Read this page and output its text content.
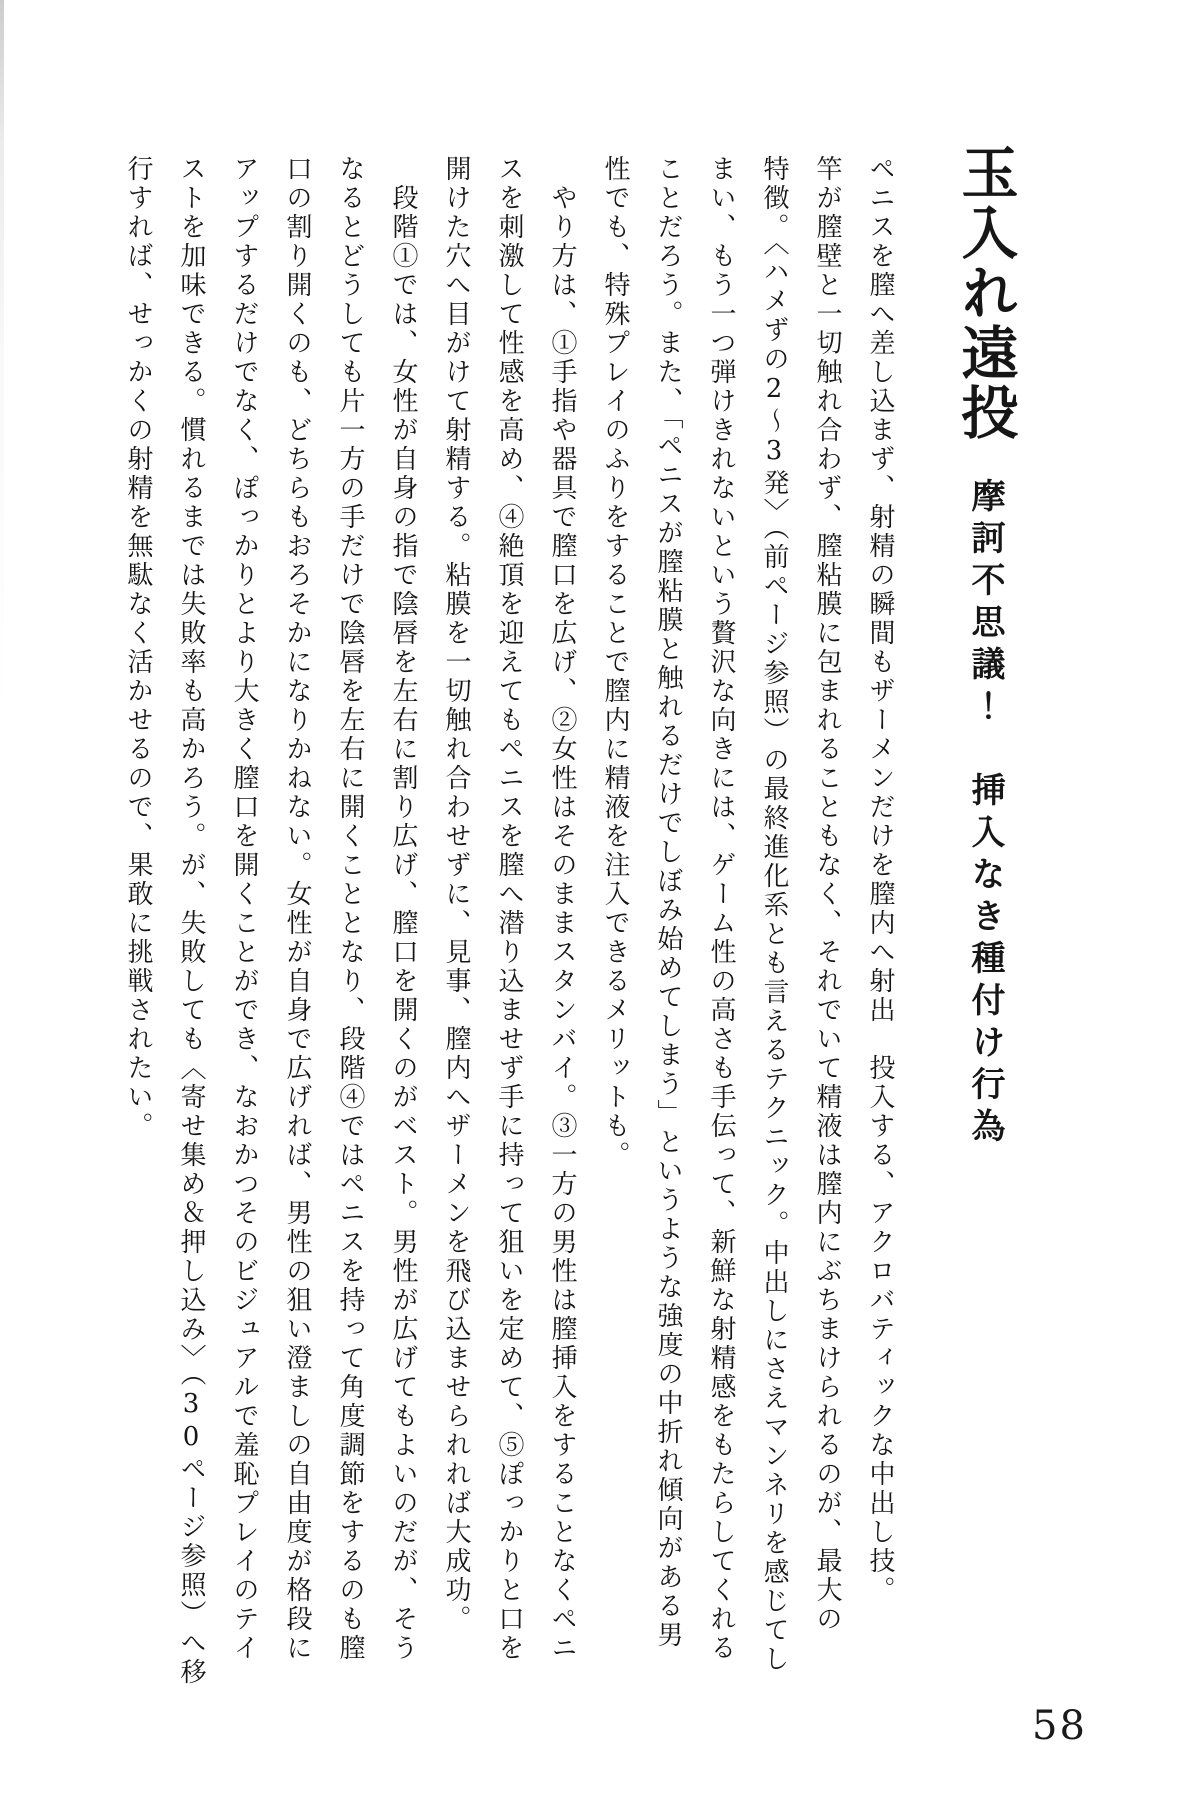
玉入れ遠投摩訶不思議！　挿入なき種付け行為
ペニスを膣へ差し込まず、射精の瞬間もザーメンだけを膣内へ射出　投入する、アクロバティックな中出し技。
竿が膣壁と一切触れ合わず、膣粘膜に包まれることもなく、それでいて精液は膣内にぶちまけられるのが、最大の
特徴。〈ハメずの2～3発〉（前ページ参照）の最終進化系とも言えるテクニック。中出しにさえマンネリを感じてし
まい、もう一つ弾けきれないという贅沢な向きには、ゲーム性の高さも手伝って、新鮮な射精感をもたらしてくれる
ことだろう。また、「ペニスが膣粘膜と触れるだけでしぼみ始めてしまう」というような強度の中折れ傾向がある男
性でも、特殊プレイのふりをすることで膣内に精液を注入できるメリットも。
やり方は、①手指や器具で膣口を広げ、②女性はそのままスタンバイ。③一方の男性は膣挿入をすることなくペニ
スを刺激して性感を高め、④絶頂を迎えてもペニスを膣へ潜り込ませず手に持って狙いを定めて、⑤ぽっかりと口を
開けた穴へ目がけて射精する。粘膜を一切触れ合わせずに、見事、膣内へザーメンを飛び込ませられれば大成功。
段階①では、女性が自身の指で陰唇を左右に割り広げ、膣口を開くのがベスト。男性が広げてもよいのだが、そう
なるとどうしても片一方の手だけで陰唇を左右に開くこととなり、段階④ではペニスを持って角度調節をするのも膣
口の割り開くのも、どちらもおろそかになりかねない。女性が自身で広げれば、男性の狙い澄ましの自由度が格段に
アップするだけでなく、ぽっかりとより大きく膣口を開くことができ、なおかつそのビジュアルで羞恥プレイのテイ
ストを加味できる。慣れるまでは失敗率も高かろう。が、失敗しても〈寄せ集め＆押し込み〉（30ページ参照）へ移
行すれば、せっかくの射精を無駄なく活かせるので、果敢に挑戦されたい。
58
